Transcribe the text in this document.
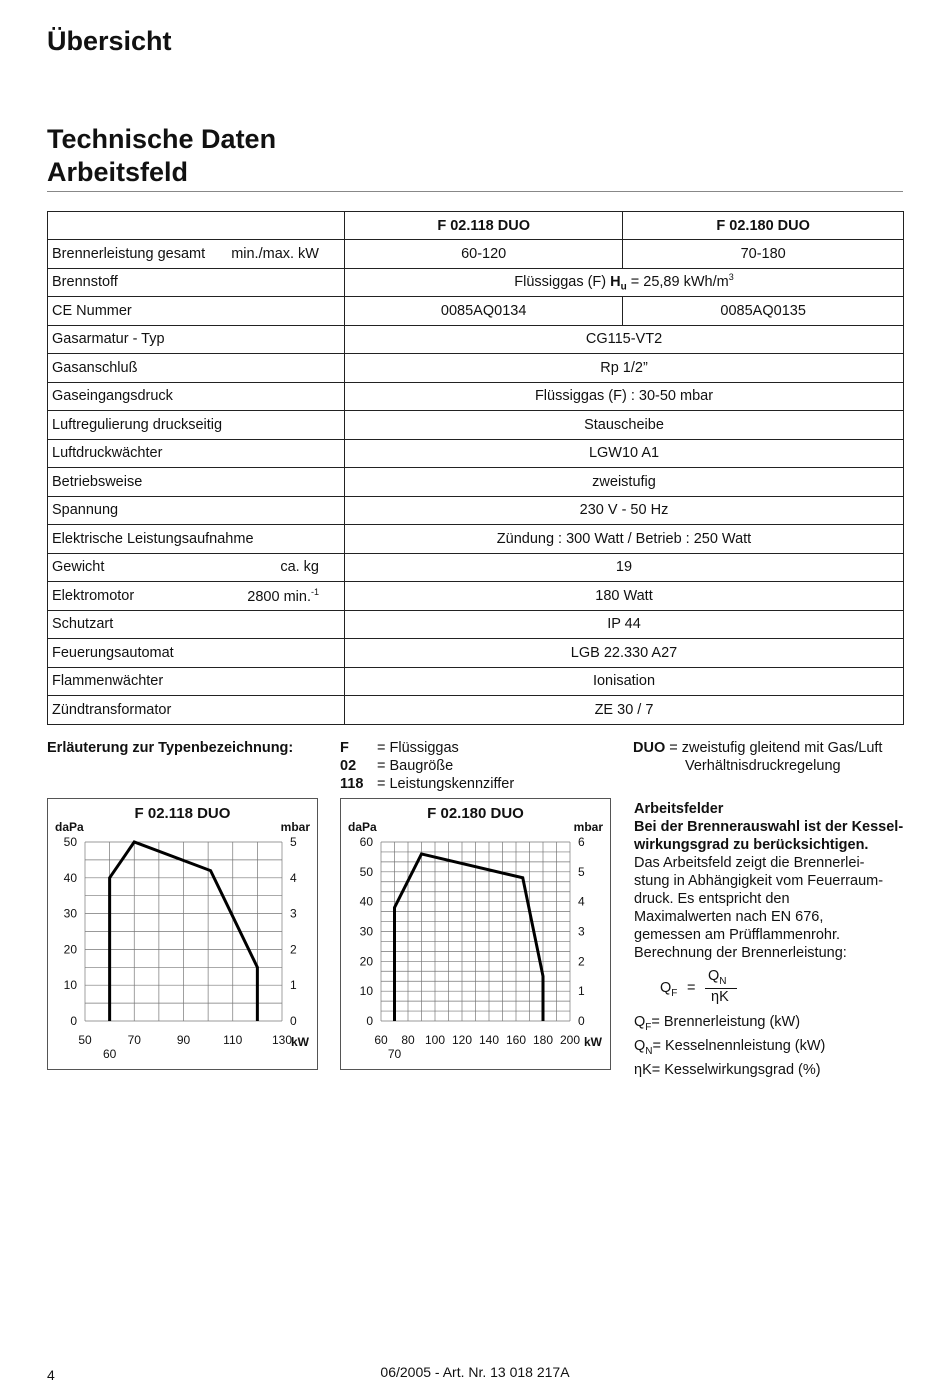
Übersicht
Technische Daten
Arbeitsfeld
	F 02.118 DUO	F 02.180 DUO
Brennerleistung gesamt min./max. kW	60-120	70-180
Brennstoff	Flüssiggas (F) $H_u = 25,89$ kWh/$m^3$
CE Nummer	0085AQ0134	0085AQ0135
Gasarmatur - Typ	CG115-VT2	
Gasanschluß	Rp 1/2”	
Gaseingangsdruck	Flüssiggas (F) : 30-50 mbar	
Luftregulierung druckseitig	Stauscheibe	
Luftdruckwächter	LGW10 A1	
Betriebsweise	zweistufig	
Spannung	230 V - 50 Hz	
Elektrische Leistungsaufnahme	Zündung : 300 Watt / Betrieb : 250 Watt	
Gewicht ca. kg	19	
Elektromotor 2800 min.$^{-1}$	180 Watt	
Schutzart	IP 44	
Feuerungsautomat	LGB 22.330 A27	
Flammenwächter	Ionisation	
Zündtransformator	ZE 30 / 7	
Erläuterung zur Typenbezeichnung:	F = Flüssiggas
02 = Baugröße
118 = Leistungskennziffer
DUO = zweistufig gleitend mit Gas/Luft
Verhältnisdruckregelung
F 02.118 DUO
daPa	mbar
kW
0
10
20
30
40
50
0
1
2
3
4
5
50	70	90	110 130
60
F 02.180 DUO
daPa	mbar
kW
0
10
20
30
40
50
60
0
1
2
3
4
5
6
60 80 100 120 140 160 180 200
70
Arbeitsfelder
Bei der Brennerauswahl ist der Kessel-
wirkungsgrad zu berücksichtigen.
Das Arbeitsfeld zeigt die Brennerlei-
stung in Abhängigkeit vom Feuerraum-
druck. Es entspricht den
Maximalwerten nach EN 676,
gemessen am Prüfflammenrohr.
Berechnung der Brennerleistung:
$Q_F$ =
$Q_N$
ηK
$Q_F=$ Brennerleistung (kW)
$Q_N=$ Kesselnennleistung (kW)
ηK= Kesselwirkungsgrad (%)
4	06/2005 - Art. Nr. 13 018 217A
